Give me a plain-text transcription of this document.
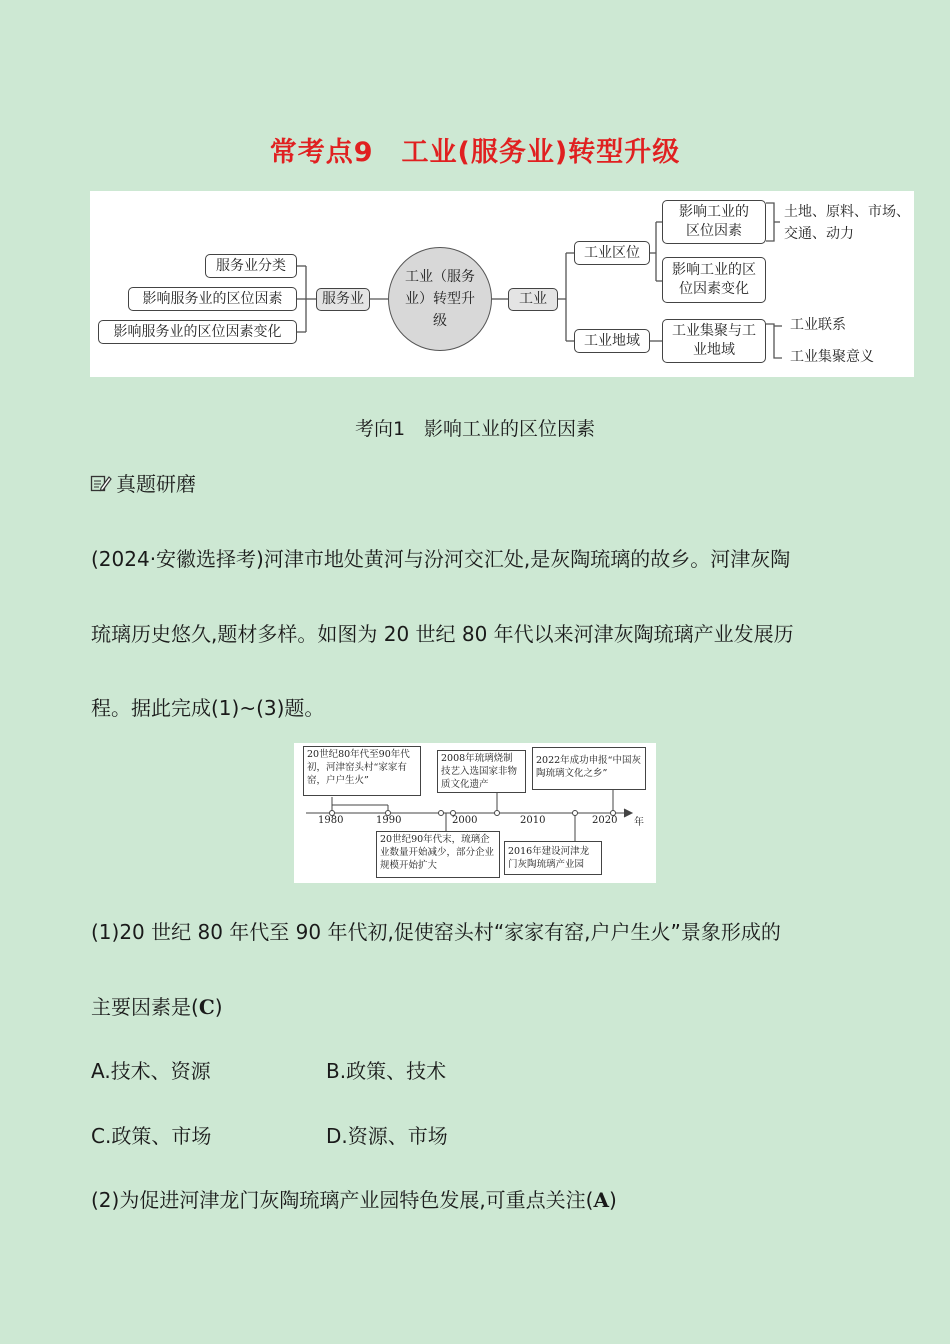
常考点9　工业(服务业)转型升级
服务业分类
影响服务业的区位因素
影响服务业的区位因素变化
服务业
工业（服务业）转型升级
工业
工业区位
工业地域
影响工业的区位因素
影响工业的区位因素变化
工业集聚与工业地域
土地、原料、市场、交通、动力
工业联系
工业集聚意义
考向1　影响工业的区位因素
真题研磨
(2024·安徽选择考)河津市地处黄河与汾河交汇处,是灰陶琉璃的故乡。河津灰陶
琉璃历史悠久,题材多样。如图为 20 世纪 80 年代以来河津灰陶琉璃产业发展历
程。据此完成(1)~(3)题。
20世纪80年代至90年代初，河津窑头村“家家有窑，户户生火”
2008年琉璃烧制技艺入选国家非物质文化遗产
2022年成功申报“中国灰陶琉璃文化之乡”
20世纪90年代末，琉璃企业数量开始减少，部分企业规模开始扩大
2016年建设河津龙门灰陶琉璃产业园
1980	1990	2000	2010	2020 年
(1)20 世纪 80 年代至 90 年代初,促使窑头村“家家有窑,户户生火”景象形成的
主要因素是(C)
A.技术、资源	B.政策、技术
C.政策、市场	D.资源、市场
(2)为促进河津龙门灰陶琉璃产业园特色发展,可重点关注(A)
